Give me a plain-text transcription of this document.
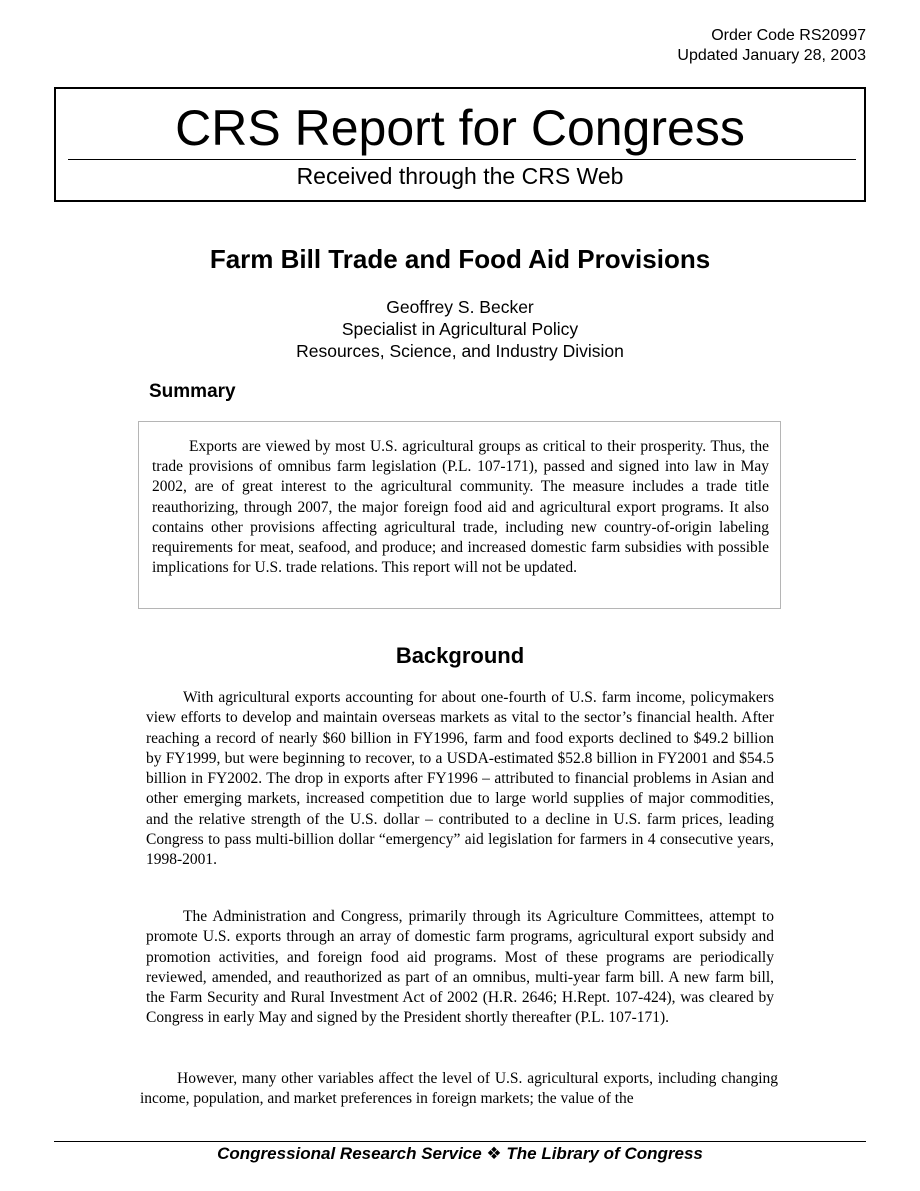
Order Code RS20997
Updated January 28, 2003
CRS Report for Congress
Received through the CRS Web
Farm Bill Trade and Food Aid Provisions
Geoffrey S. Becker
Specialist in Agricultural Policy
Resources, Science, and Industry Division
Summary

Exports are viewed by most U.S. agricultural groups as critical to their prosperity. Thus, the trade provisions of omnibus farm legislation (P.L. 107-171), passed and signed into law in May 2002, are of great interest to the agricultural community. The measure includes a trade title reauthorizing, through 2007, the major foreign food aid and agricultural export programs. It also contains other provisions affecting agricultural trade, including new country-of-origin labeling requirements for meat, seafood, and produce; and increased domestic farm subsidies with possible implications for U.S. trade relations. This report will not be updated.

Background

With agricultural exports accounting for about one-fourth of U.S. farm income, policymakers view efforts to develop and maintain overseas markets as vital to the sector’s financial health. After reaching a record of nearly $60 billion in FY1996, farm and food exports declined to $49.2 billion by FY1999, but were beginning to recover, to a USDA-estimated $52.8 billion in FY2001 and $54.5 billion in FY2002. The drop in exports after FY1996 – attributed to financial problems in Asian and other emerging markets, increased competition due to large world supplies of major commodities, and the relative strength of the U.S. dollar – contributed to a decline in U.S. farm prices, leading Congress to pass multi-billion dollar “emergency” aid legislation for farmers in 4 consecutive years, 1998-2001.

The Administration and Congress, primarily through its Agriculture Committees, attempt to promote U.S. exports through an array of domestic farm programs, agricultural export subsidy and promotion activities, and foreign food aid programs. Most of these programs are periodically reviewed, amended, and reauthorized as part of an omnibus, multi-year farm bill. A new farm bill, the Farm Security and Rural Investment Act of 2002 (H.R. 2646; H.Rept. 107-424), was cleared by Congress in early May and signed by the President shortly thereafter (P.L. 107-171).

However, many other variables affect the level of U.S. agricultural exports, including changing income, population, and market preferences in foreign markets; the value of the

Congressional Research Service ❖ The Library of Congress
